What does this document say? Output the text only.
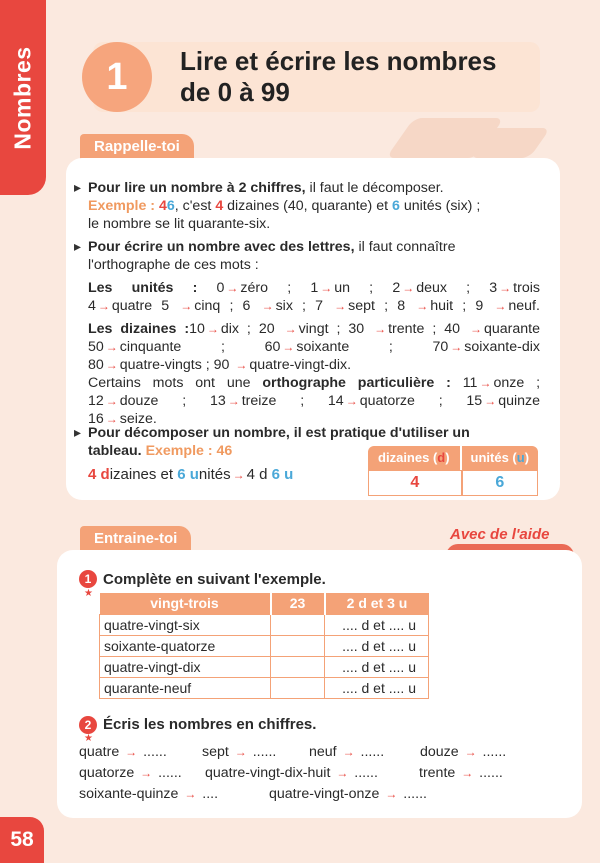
Nombres	1	Lire et écrire les nombres
de 0 à 99
Rappelle-toi
▸ Pour lire un nombre à 2 chiffres, il faut le décomposer.
Exemple : 46, c'est 4 dizaines (40, quarante) et 6 unités (six) ;
le nombre se lit quarante-six.
▸ Pour écrire un nombre avec des lettres, il faut connaître
l'orthographe de ces mots :
Les unités : 0 → zéro ; 1 → un ; 2 → deux ; 3 → trois
4 → quatre 5 → cinq ; 6 → six ; 7 → sept ; 8 → huit ; 9 → neuf.
Les dizaines :10 → dix ; 20 → vingt ; 30 → trente ; 40 → quarante
50 → cinquante ; 60 → soixante ; 70 → soixante-dix
80 → quatre-vingts ; 90 → quatre-vingt-dix.
Certains mots ont une orthographe particulière : 11 → onze ;
12 → douze ; 13 → treize ; 14 → quatorze ; 15 → quinze
16 → seize.
▸ Pour décomposer un nombre, il est pratique d'utiliser un
tableau. Exemple : 46
4 dizaines et 6 unités → 4 d 6 u
dizaines (d)	unités (u)
4	6
Entraine-toi	Avec de l'aide

1
★
Complète en suivant l'exemple.
vingt-trois	23	2 d et 3 u
quatre-vingt-six		.... d et .... u
soixante-quatorze		.... d et .... u
quatre-vingt-dix		.... d et .... u
quarante-neuf		.... d et .... u
2
★
Écris les nombres en chiffres.
quatre → ...... sept → ...... neuf → ......	douze → ......
quatorze → ...... quatre-vingt-dix-huit → ......	trente → ......
soixante-quinze → ....	quatre-vingt-onze → ......
58
